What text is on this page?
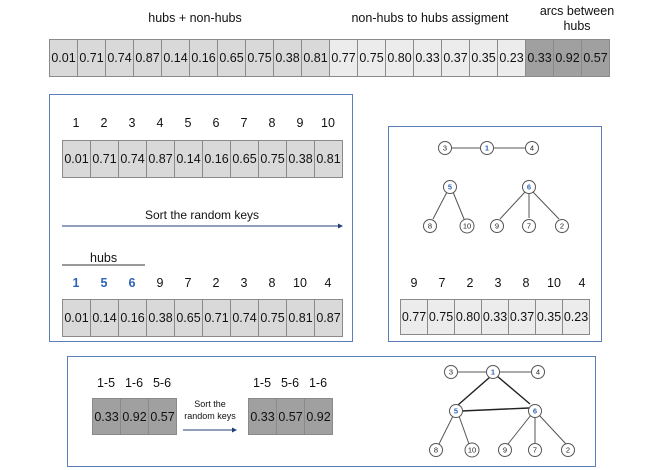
hubs + non-hubs	non-hubs to hubs assigment	arcs between hubs
0.01 0.71 0.74 0.87 0.14 0.16 0.65 0.75 0.38 0.81 0.77 0.75 0.80 0.33 0.37 0.35 0.23 0.33 0.92 0.57
1	2	3	4	5	6	7	8	9	10
0.01 0.71 0.74 0.87 0.14 0.16 0.65 0.75 0.38 0.81
Sort the random keys
hubs
1	5	6	9	7	2	3	8	10	4
0.01 0.14 0.16 0.38 0.65 0.71 0.74 0.75 0.81 0.87
3	1	4
5	6
8	10	9	7	2
9	7	2	3	8	10	4
0.77 0.75 0.80 0.33 0.37 0.35 0.23
1-5 1-6 5-6
0.33 0.92 0.57
Sort the
random keys
1-5 5-6 1-6
0.33 0.57 0.92
3	1	4
5	6
8	10	9	7	2
